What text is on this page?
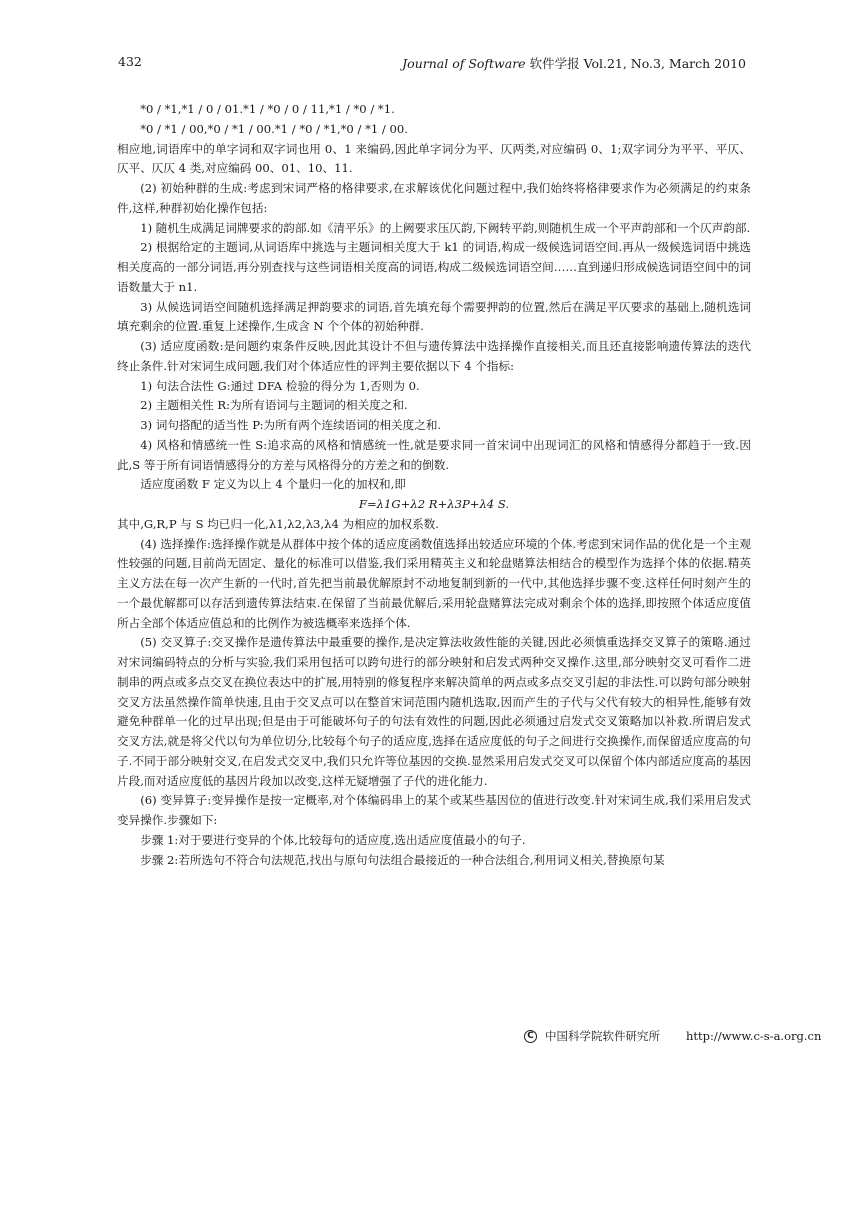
432	Journal of Software 软件学报 Vol.21, No.3, March 2010

*0 / *1,*1 / 0 / 01.*1 / *0 / 0 / 11,*1 / *0 / *1.

*0 / *1 / 00,*0 / *1 / 00.*1 / *0 / *1,*0 / *1 / 00.

相应地,词语库中的单字词和双字词也用 0、1 来编码,因此单字词分为平、仄两类,对应编码 0、1;双字词分为平平、平仄、仄平、仄仄 4 类,对应编码 00、01、10、11.

(2) 初始种群的生成:考虑到宋词严格的格律要求,在求解该优化问题过程中,我们始终将格律要求作为必须满足的约束条件,这样,种群初始化操作包括:

1) 随机生成满足词牌要求的韵部.如《清平乐》的上阙要求压仄韵,下阙转平韵,则随机生成一个平声韵部和一个仄声韵部.

2) 根据给定的主题词,从词语库中挑选与主题词相关度大于 k1 的词语,构成一级候选词语空间.再从一级候选词语中挑选相关度高的一部分词语,再分别查找与这些词语相关度高的词语,构成二级候选词语空间……直到递归形成候选词语空间中的词语数量大于 n1.

3) 从候选词语空间随机选择满足押韵要求的词语,首先填充每个需要押韵的位置,然后在满足平仄要求的基础上,随机选词填充剩余的位置.重复上述操作,生成含 N 个个体的初始种群.

(3) 适应度函数:是问题约束条件反映,因此其设计不但与遗传算法中选择操作直接相关,而且还直接影响遗传算法的迭代终止条件.针对宋词生成问题,我们对个体适应性的评判主要依据以下 4 个指标:

1) 句法合法性 G:通过 DFA 检验的得分为 1,否则为 0.

2) 主题相关性 R:为所有语词与主题词的相关度之和.

3) 词句搭配的适当性 P:为所有两个连续语词的相关度之和.

4) 风格和情感统一性 S:追求高的风格和情感统一性,就是要求同一首宋词中出现词汇的风格和情感得分都趋于一致.因此,S 等于所有词语情感得分的方差与风格得分的方差之和的倒数.

适应度函数 F 定义为以上 4 个量归一化的加权和,即

F=λ1G+λ2 R+λ3P+λ4 S.

其中,G,R,P 与 S 均已归一化,λ1,λ2,λ3,λ4 为相应的加权系数.

(4) 选择操作:选择操作就是从群体中按个体的适应度函数值选择出较适应环境的个体.考虑到宋词作品的优化是一个主观性较强的问题,目前尚无固定、量化的标准可以借鉴,我们采用精英主义和轮盘赌算法相结合的模型作为选择个体的依据.精英主义方法在每一次产生新的一代时,首先把当前最优解原封不动地复制到新的一代中,其他选择步骤不变.这样任何时刻产生的一个最优解都可以存活到遗传算法结束.在保留了当前最优解后,采用轮盘赌算法完成对剩余个体的选择,即按照个体适应度值所占全部个体适应值总和的比例作为被选概率来选择个体.

(5) 交叉算子:交叉操作是遗传算法中最重要的操作,是决定算法收敛性能的关键,因此必须慎重选择交叉算子的策略.通过对宋词编码特点的分析与实验,我们采用包括可以跨句进行的部分映射和启发式两种交叉操作.这里,部分映射交叉可看作二进制串的两点或多点交叉在换位表达中的扩展,用特别的修复程序来解决简单的两点或多点交叉引起的非法性.可以跨句部分映射交叉方法虽然操作简单快速,且由于交叉点可以在整首宋词范围内随机选取,因而产生的子代与父代有较大的相异性,能够有效避免种群单一化的过早出现;但是由于可能破坏句子的句法有效性的问题,因此必须通过启发式交叉策略加以补救.所谓启发式交叉方法,就是将父代以句为单位切分,比较每个句子的适应度,选择在适应度低的句子之间进行交换操作,而保留适应度高的句子.不同于部分映射交叉,在启发式交叉中,我们只允许等位基因的交换.显然采用启发式交叉可以保留个体内部适应度高的基因片段,而对适应度低的基因片段加以改变,这样无疑增强了子代的进化能力.

(6) 变异算子:变异操作是按一定概率,对个体编码串上的某个或某些基因位的值进行改变.针对宋词生成,我们采用启发式变异操作.步骤如下:

步骤 1:对于要进行变异的个体,比较每句的适应度,选出适应度值最小的句子.

步骤 2:若所选句不符合句法规范,找出与原句句法组合最接近的一种合法组合,利用词义相关,替换原句某

C 中国科学院软件研究所 http://www.c-s-a.org.cn
